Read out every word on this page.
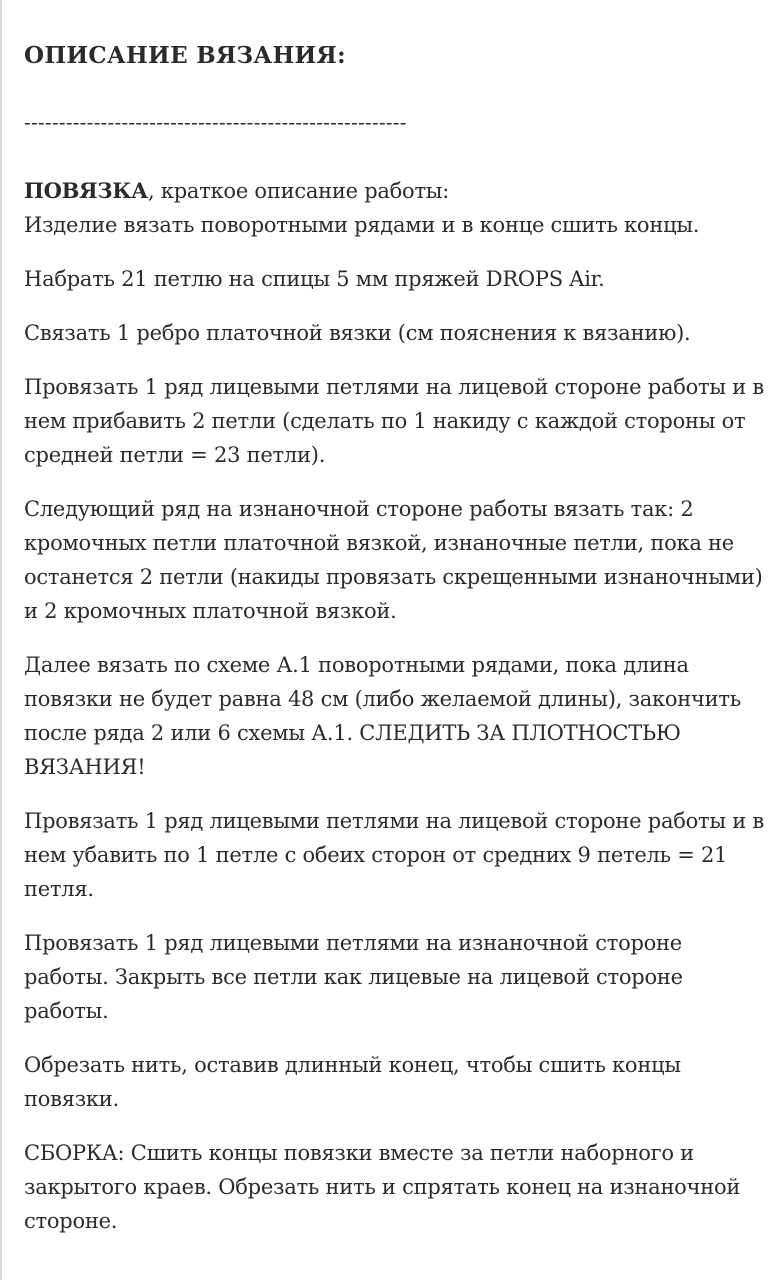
ОПИСАНИЕ ВЯЗАНИЯ:
-------------------------------------------------------

ПОВЯЗКА, краткое описание работы:
Изделие вязать поворотными рядами и в конце сшить концы.

Набрать 21 петлю на спицы 5 мм пряжей DROPS Air.

Связать 1 ребро платочной вязки (см пояснения к вязанию).

Провязать 1 ряд лицевыми петлями на лицевой стороне работы и в нем прибавить 2 петли (сделать по 1 накиду с каждой стороны от средней петли = 23 петли).

Следующий ряд на изнаночной стороне работы вязать так: 2 кромочных петли платочной вязкой, изнаночные петли, пока не останется 2 петли (накиды провязать скрещенными изнаночными) и 2 кромочных платочной вязкой.

Далее вязать по схеме А.1 поворотными рядами, пока длина повязки не будет равна 48 см (либо желаемой длины), закончить после ряда 2 или 6 схемы А.1. СЛЕДИТЬ ЗА ПЛОТНОСТЬЮ ВЯЗАНИЯ!

Провязать 1 ряд лицевыми петлями на лицевой стороне работы и в нем убавить по 1 петле с обеих сторон от средних 9 петель = 21 петля.

Провязать 1 ряд лицевыми петлями на изнаночной стороне работы. Закрыть все петли как лицевые на лицевой стороне работы.

Обрезать нить, оставив длинный конец, чтобы сшить концы повязки.

СБОРКА: Сшить концы повязки вместе за петли наборного и закрытого краев. Обрезать нить и спрятать конец на изнаночной стороне.
